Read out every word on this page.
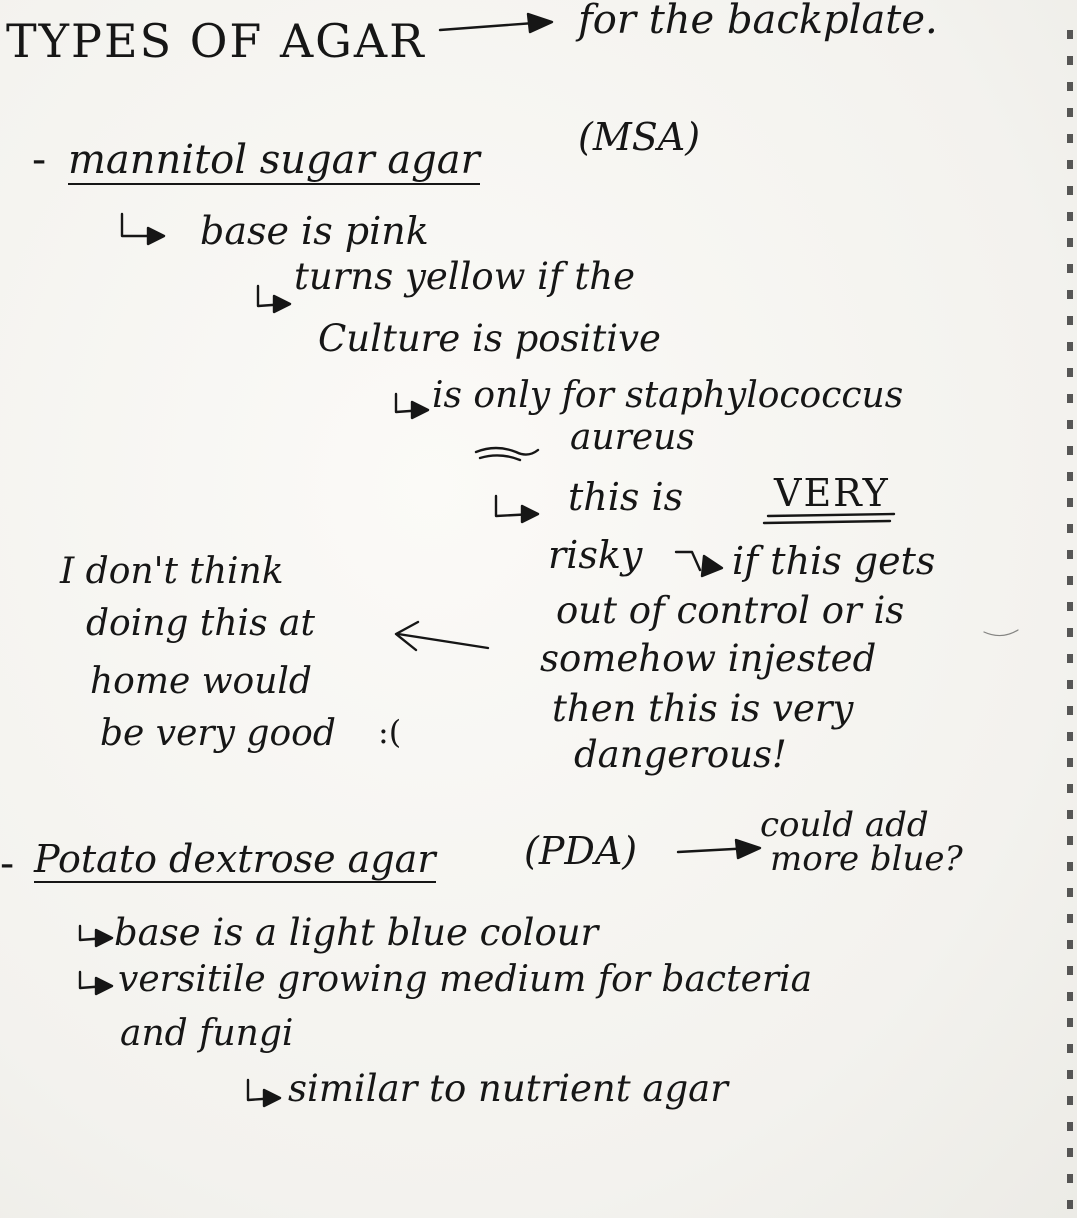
TYPES OF AGAR	for the backplate.
- mannitol sugar agar	(MSA)
base is pink
turns yellow if the
Culture is positive
is only for staphylococcus
aureus
this is VERY
risky if this gets
out of control or is
somehow injested
then this is very
dangerous!
I don't think
doing this at
home would
be very good :(
- Potato dextrose agar (PDA)
could add
more blue?
base is a light blue colour
versitile growing medium for bacteria
and fungi
similar to nutrient agar
